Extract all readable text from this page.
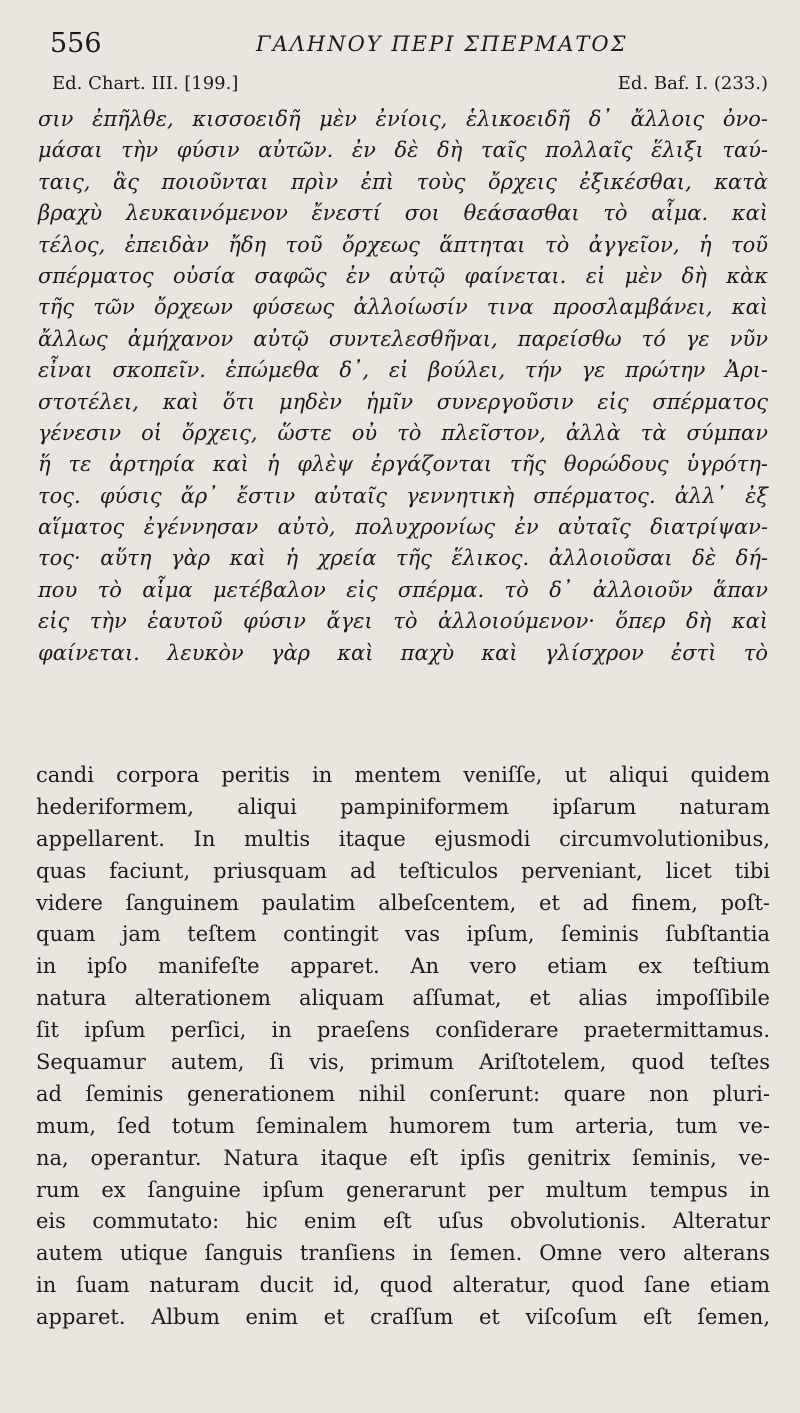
556	ΓΑΛΗΝΟΥ ΠΕΡΙ ΣΠΕΡΜΑΤΟΣ
Ed. Chart. III. [199.]	Ed. Baf. I. (233.)
σιν ἐπῆλθε, κισσοειδῆ μὲν ἐνίοις, ἑλικοειδῆ δ᾽ ἄλλοις ὀνο-
μάσαι τὴν φύσιν αὐτῶν. ἐν δὲ δὴ ταῖς πολλαῖς ἕλιξι ταύ-
ταις, ἃς ποιοῦνται πρὶν ἐπὶ τοὺς ὄρχεις ἐξικέσθαι, κατὰ
βραχὺ λευκαινόμενον ἔνεστί σοι θεάσασθαι τὸ αἷμα. καὶ
τέλος, ἐπειδὰν ἤδη τοῦ ὄρχεως ἅπτηται τὸ ἀγγεῖον, ἡ τοῦ
σπέρματος οὐσία σαφῶς ἐν αὐτῷ φαίνεται. εἰ μὲν δὴ κὰκ
τῆς τῶν ὄρχεων φύσεως ἀλλοίωσίν τινα προσλαμβάνει, καὶ
ἄλλως ἀμήχανον αὐτῷ συντελεσθῆναι, παρείσθω τό γε νῦν
εἶναι σκοπεῖν. ἑπώμεθα δ᾽, εἰ βούλει, τήν γε πρώτην Ἀρι-
στοτέλει, καὶ ὅτι μηδὲν ἡμῖν συνεργοῦσιν εἰς σπέρματος
γένεσιν οἱ ὄρχεις, ὥστε οὐ τὸ πλεῖστον, ἀλλὰ τὰ σύμπαν
ἥ τε ἀρτηρία καὶ ἡ φλὲψ ἐργάζονται τῆς θορώδους ὑγρότη-
τος. φύσις ἄρ᾽ ἔστιν αὐταῖς γεννητικὴ σπέρματος. ἀλλ᾽ ἐξ
αἵματος ἐγέννησαν αὐτὸ, πολυχρονίως ἐν αὐταῖς διατρίψαν-
τος· αὕτη γὰρ καὶ ἡ χρεία τῆς ἕλικος. ἀλλοιοῦσαι δὲ δή-
που τὸ αἷμα μετέβαλον εἰς σπέρμα. τὸ δ᾽ ἀλλοιοῦν ἅπαν
εἰς τὴν ἑαυτοῦ φύσιν ἄγει τὸ ἀλλοιούμενον· ὅπερ δὴ καὶ
φαίνεται. λευκὸν γὰρ καὶ παχὺ καὶ γλίσχρον ἐστὶ τὸ
candi corpora peritis in mentem veniſſe, ut aliqui quidem
hederiformem, aliqui pampiniformem ipſarum naturam
appellarent. In multis itaque ejusmodi circumvolutionibus,
quas faciunt, priusquam ad teſticulos perveniant, licet tibi
videre ſanguinem paulatim albeſcentem, et ad finem, poſt-
quam jam teſtem contingit vas ipſum, ſeminis ſubſtantia
in ipſo manifeſte apparet. An vero etiam ex teſtium
natura alterationem aliquam aſſumat, et alias impoſſibile
ſit ipſum perſici, in praeſens conſiderare praetermittamus.
Sequamur autem, ſi vis, primum Ariſtotelem, quod teſtes
ad ſeminis generationem nihil conſerunt: quare non pluri-
mum, ſed totum ſeminalem humorem tum arteria, tum ve-
na, operantur. Natura itaque eſt ipſis genitrix ſeminis, ve-
rum ex ſanguine ipſum generarunt per multum tempus in
eis commutato: hic enim eſt uſus obvolutionis. Alteratur
autem utique ſanguis tranſiens in ſemen. Omne vero alterans
in ſuam naturam ducit id, quod alteratur, quod ſane etiam
apparet. Album enim et craſſum et viſcoſum eſt ſemen,
